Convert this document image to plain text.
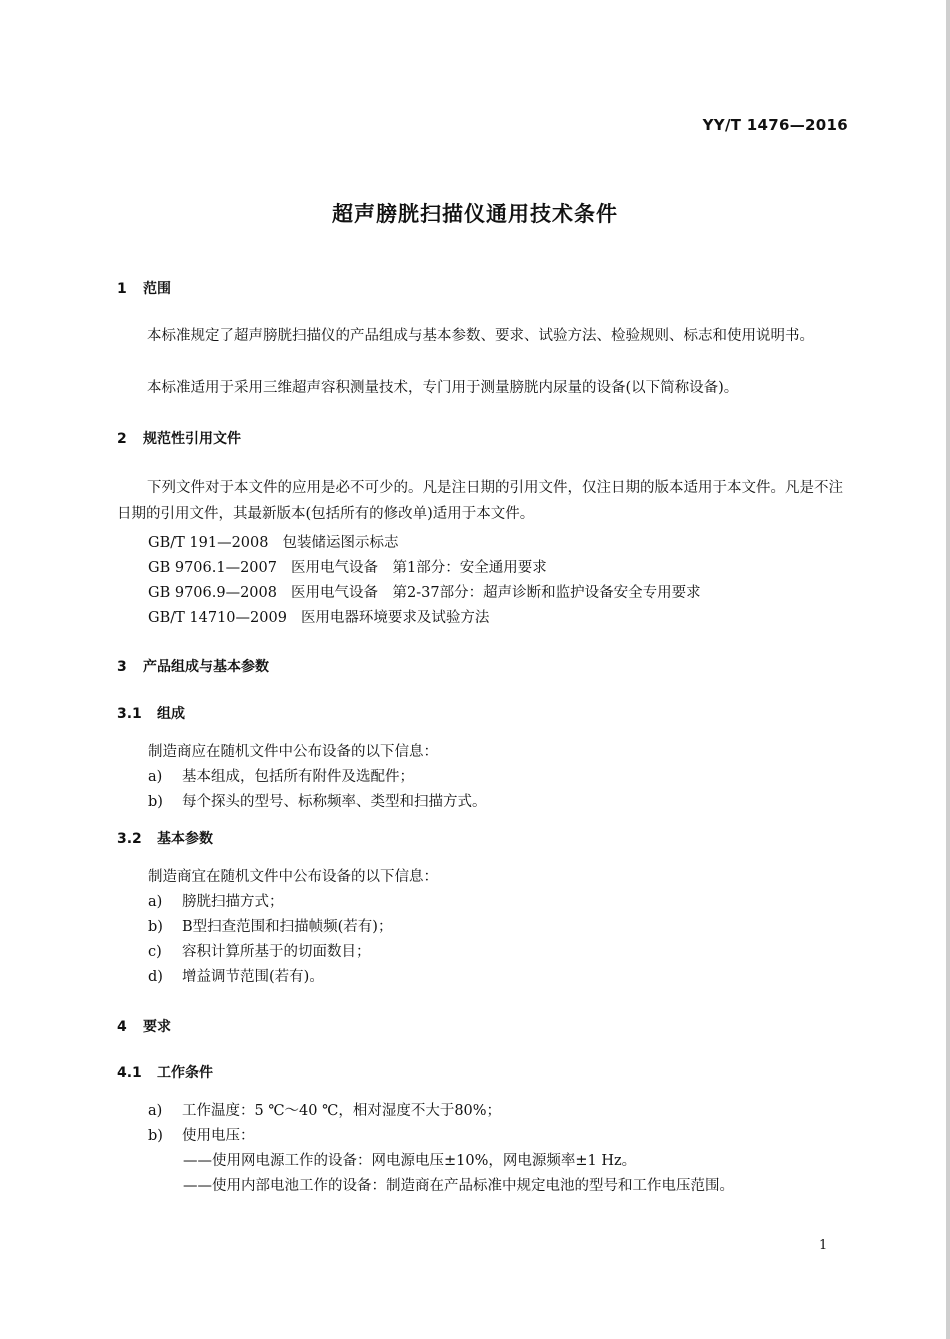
YY/T 1476—2016
超声膀胱扫描仪通用技术条件
1 范围
本标准规定了超声膀胱扫描仪的产品组成与基本参数、要求、试验方法、检验规则、标志和使用说明书。
本标准适用于采用三维超声容积测量技术，专门用于测量膀胱内尿量的设备(以下简称设备)。
2 规范性引用文件
下列文件对于本文件的应用是必不可少的。凡是注日期的引用文件，仅注日期的版本适用于本文件。凡是不注日期的引用文件，其最新版本(包括所有的修改单)适用于本文件。
GB/T 191—2008 包装储运图示标志
GB 9706.1—2007 医用电气设备　第1部分：安全通用要求
GB 9706.9—2008 医用电气设备　第2-37部分：超声诊断和监护设备安全专用要求
GB/T 14710—2009 医用电器环境要求及试验方法
3 产品组成与基本参数
3.1 组成
制造商应在随机文件中公布设备的以下信息：
a) 基本组成，包括所有附件及选配件；
b) 每个探头的型号、标称频率、类型和扫描方式。
3.2 基本参数
制造商宜在随机文件中公布设备的以下信息：
a) 膀胱扫描方式；
b) B型扫查范围和扫描帧频(若有)；
c) 容积计算所基于的切面数目；
d) 增益调节范围(若有)。
4 要求
4.1 工作条件
a) 工作温度：5 ℃～40 ℃，相对湿度不大于80%；
b) 使用电压：
——使用网电源工作的设备：网电源电压±10%，网电源频率±1 Hz。
——使用内部电池工作的设备：制造商在产品标准中规定电池的型号和工作电压范围。
1
